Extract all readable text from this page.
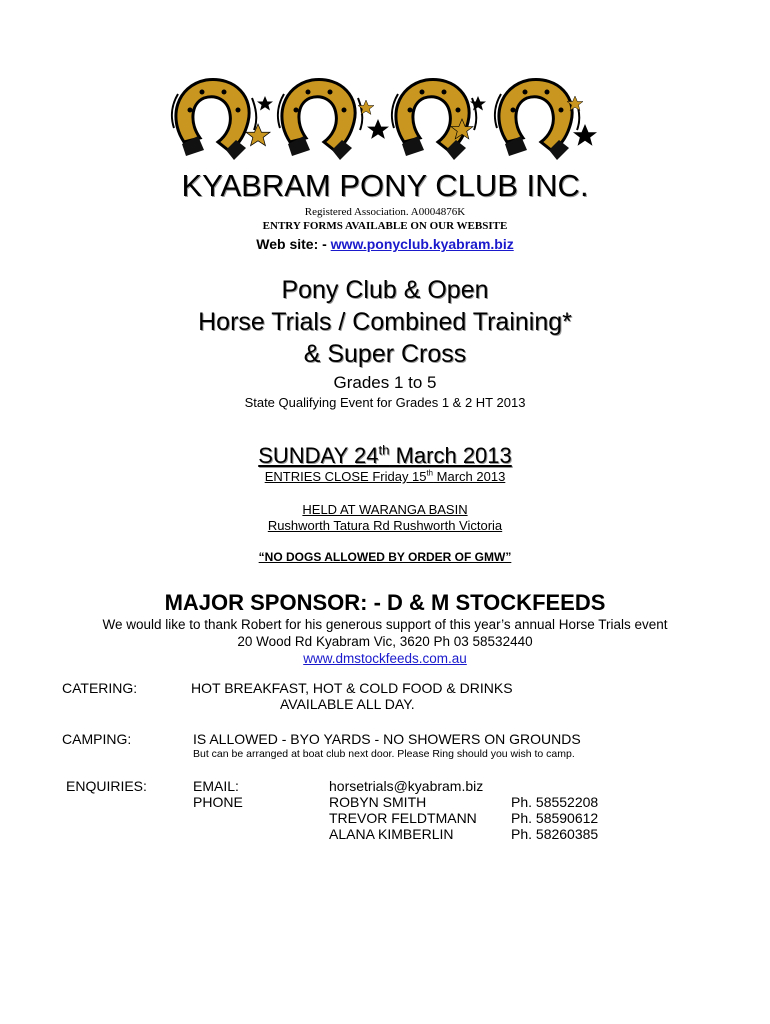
KYABRAM PONY CLUB INC.
Registered Association. A0004876K
ENTRY FORMS AVAILABLE ON OUR WEBSITE
Web site: - www.ponyclub.kyabram.biz
Pony Club & Open
Horse Trials / Combined Training*
& Super Cross
Grades 1 to 5
State Qualifying Event for Grades 1 & 2 HT 2013
SUNDAY 24th March 2013
ENTRIES CLOSE Friday 15th March 2013
HELD AT WARANGA BASIN
Rushworth Tatura Rd Rushworth Victoria
“NO DOGS ALLOWED BY ORDER OF GMW”
MAJOR SPONSOR: - D & M STOCKFEEDS
We would like to thank Robert for his generous support of this year’s annual Horse Trials event
20 Wood Rd Kyabram Vic, 3620 Ph 03 58532440
www.dmstockfeeds.com.au
CATERING:	HOT BREAKFAST, HOT & COLD FOOD & DRINKS
AVAILABLE ALL DAY.
CAMPING:	IS ALLOWED - BYO YARDS - NO SHOWERS ON GROUNDS
But can be arranged at boat club next door. Please Ring should you wish to camp.
ENQUIRIES:	EMAIL:	horsetrials@kyabram.biz
PHONE	ROBYN SMITH	Ph. 58552208
TREVOR FELDTMANN Ph. 58590612
ALANA KIMBERLIN	Ph. 58260385
